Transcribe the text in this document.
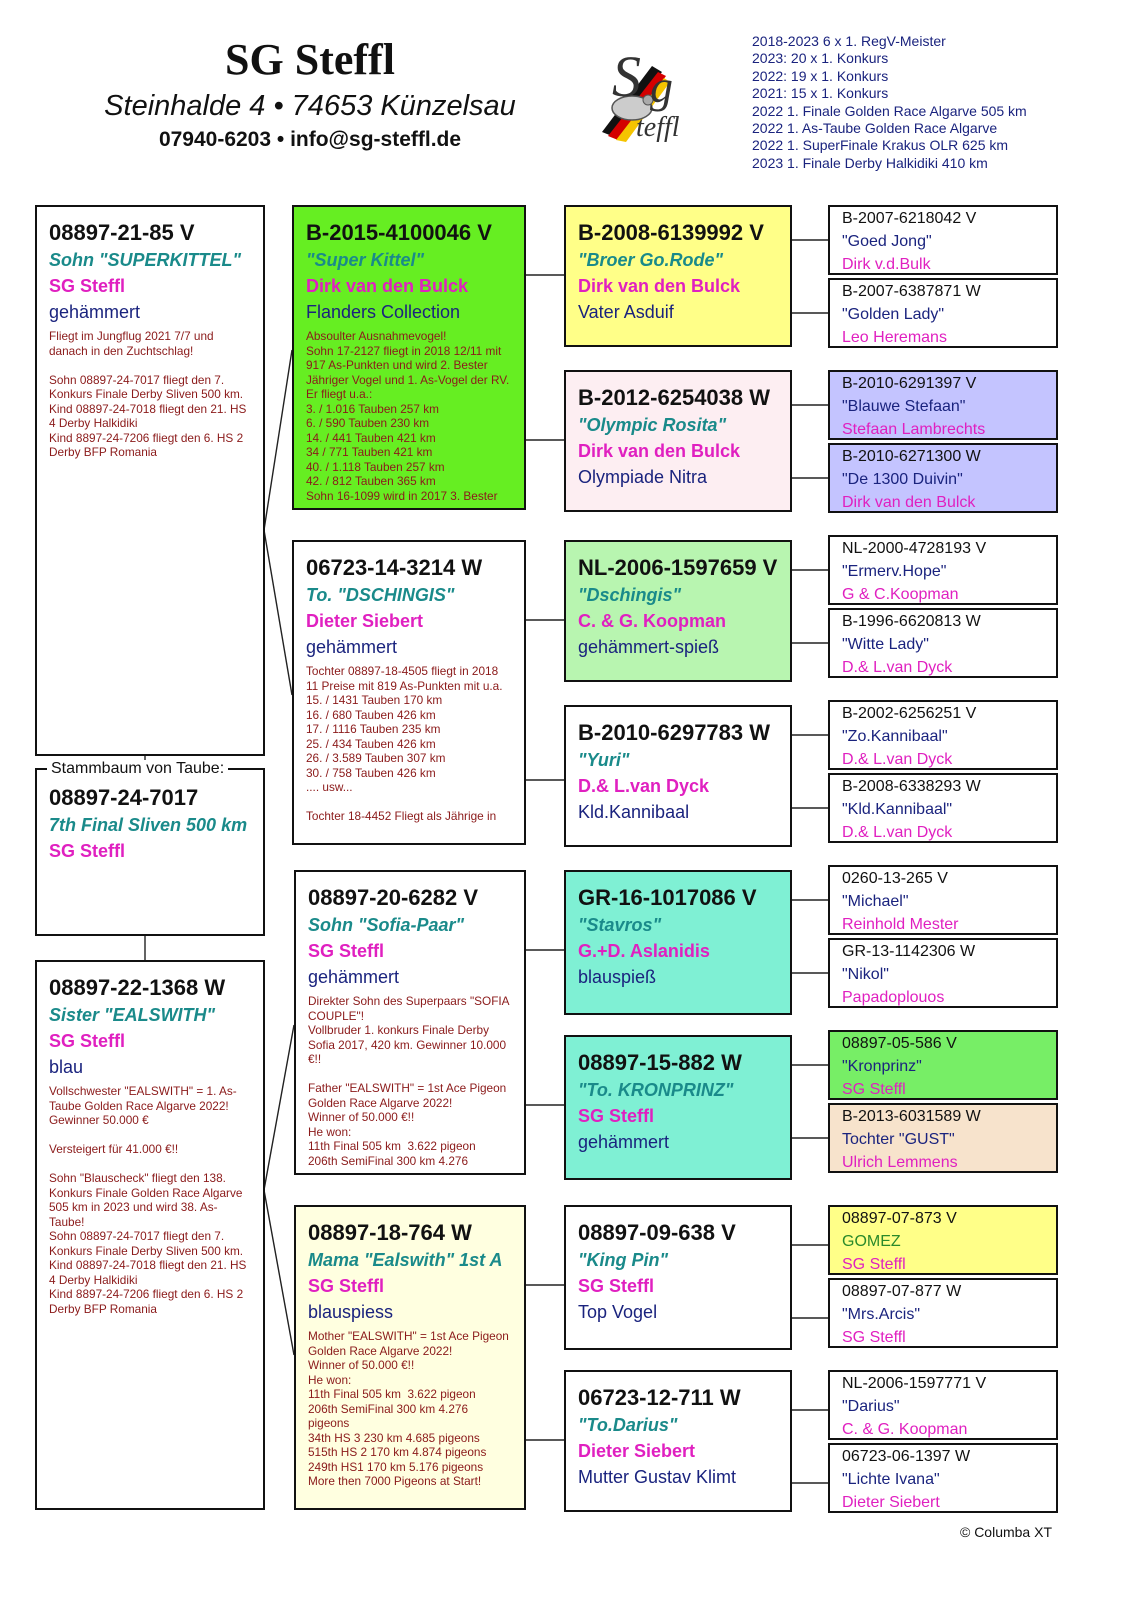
SG Steffl
Steinhalde 4 • 74653 Künzelsau
07940-6203 • info@sg-steffl.de
S g
teffl
2018-2023 6 x 1. RegV-Meister
2023: 20 x 1. Konkurs
2022: 19 x 1. Konkurs
2021: 15 x 1. Konkurs
2022 1. Finale Golden Race Algarve 505 km
2022 1. As-Taube Golden Race Algarve
2022 1. SuperFinale Krakus OLR 625 km
2023 1. Finale Derby Halkidiki 410 km
08897-21-85 V
Sohn "SUPERKITTEL"
SG Steffl
gehämmert
Fliegt im Jungflug 2021 7/7 und danach in den Zuchtschlag!

Sohn 08897-24-7017 fliegt den 7. Konkurs Finale Derby Sliven 500 km.
Kind 08897-24-7018 fliegt den 21. HS 4 Derby Halkidiki
Kind 8897-24-7206 fliegt den 6. HS 2 Derby BFP Romania
Stammbaum von Taube:
08897-24-7017
7th Final Sliven 500 km
SG Steffl
08897-22-1368 W
Sister "EALSWITH"
SG Steffl
blau
Vollschwester "EALSWITH" = 1. As-Taube Golden Race Algarve 2022! Gewinner 50.000 €

Versteigert für 41.000 €!!

Sohn "Blauscheck" fliegt den 138. Konkurs Finale Golden Race Algarve 505 km in 2023 und wird 38. As-Taube!
Sohn 08897-24-7017 fliegt den 7. Konkurs Finale Derby Sliven 500 km.
Kind 08897-24-7018 fliegt den 21. HS 4 Derby Halkidiki
Kind 8897-24-7206 fliegt den 6. HS 2 Derby BFP Romania
B-2015-4100046 V
"Super Kittel"
Dirk van den Bulck
Flanders Collection
Absoulter Ausnahmevogel!
Sohn 17-2127 fliegt in 2018 12/11 mit 917 As-Punkten und wird 2. Bester Jähriger Vogel und 1. As-Vogel der RV. Er fliegt u.a.:
3. / 1.016 Tauben 257 km
6. / 590 Tauben 230 km
14. / 441 Tauben 421 km
34 / 771 Tauben 421 km
40. / 1.118 Tauben 257 km
42. / 812 Tauben 365 km
Sohn 16-1099 wird in 2017 3. Bester
06723-14-3214 W
To. "DSCHINGIS"
Dieter Siebert
gehämmert
Tochter 08897-18-4505 fliegt in 2018 11 Preise mit 819 As-Punkten mit u.a.
15. / 1431 Tauben 170 km
16. / 680 Tauben 426 km
17. / 1116 Tauben 235 km
25. / 434 Tauben 426 km
26. / 3.589 Tauben 307 km
30. / 758 Tauben 426 km
.... usw...

Tochter 18-4452 Fliegt als Jährige in
08897-20-6282 V
Sohn "Sofia-Paar"
SG Steffl
gehämmert
Direkter Sohn des Superpaars "SOFIA COUPLE"!
Vollbruder 1. konkurs Finale Derby Sofia 2017, 420 km. Gewinner 10.000 €!!

Father "EALSWITH" = 1st Ace Pigeon Golden Race Algarve 2022!
Winner of 50.000 €!!
He won:
11th Final 505 km  3.622 pigeon
206th SemiFinal 300 km 4.276
08897-18-764 W
Mama "Ealswith" 1st A
SG Steffl
blauspiess
Mother "EALSWITH" = 1st Ace Pigeon Golden Race Algarve 2022!
Winner of 50.000 €!!
He won:
11th Final 505 km  3.622 pigeon
206th SemiFinal 300 km 4.276 pigeons
34th HS 3 230 km 4.685 pigeons
515th HS 2 170 km 4.874 pigeons
249th HS1 170 km 5.176 pigeons
More then 7000 Pigeons at Start!
B-2008-6139992 V
"Broer Go.Rode"
Dirk van den Bulck
Vater Asduif
B-2012-6254038 W
"Olympic Rosita"
Dirk van den Bulck
Olympiade Nitra
NL-2006-1597659 V
"Dschingis"
C. & G. Koopman
gehämmert-spieß
B-2010-6297783 W
"Yuri"
D.& L.van Dyck
Kld.Kannibaal
GR-16-1017086 V
"Stavros"
G.+D. Aslanidis
blauspieß
08897-15-882 W
"To. KRONPRINZ"
SG Steffl
gehämmert
08897-09-638 V
"King Pin"
SG Steffl
Top Vogel
06723-12-711 W
"To.Darius"
Dieter Siebert
Mutter Gustav Klimt
B-2007-6218042 V
"Goed Jong"
Dirk v.d.Bulk
B-2007-6387871 W
"Golden Lady"
Leo Heremans
B-2010-6291397 V
"Blauwe Stefaan"
Stefaan Lambrechts
B-2010-6271300 W
"De 1300 Duivin"
Dirk van den Bulck
NL-2000-4728193 V
"Ermerv.Hope"
G & C.Koopman
B-1996-6620813 W
"Witte Lady"
D.& L.van Dyck
B-2002-6256251 V
"Zo.Kannibaal"
D.& L.van Dyck
B-2008-6338293 W
"Kld.Kannibaal"
D.& L.van Dyck
0260-13-265 V
"Michael"
Reinhold Mester
GR-13-1142306 W
"Nikol"
Papadoplouos
08897-05-586 V
"Kronprinz"
SG Steffl
B-2013-6031589 W
Tochter "GUST"
Ulrich Lemmens
08897-07-873 V
GOMEZ
SG Steffl
08897-07-877 W
"Mrs.Arcis"
SG Steffl
NL-2006-1597771 V
"Darius"
C. & G. Koopman
06723-06-1397 W
"Lichte Ivana"
Dieter Siebert
© Columba XT
